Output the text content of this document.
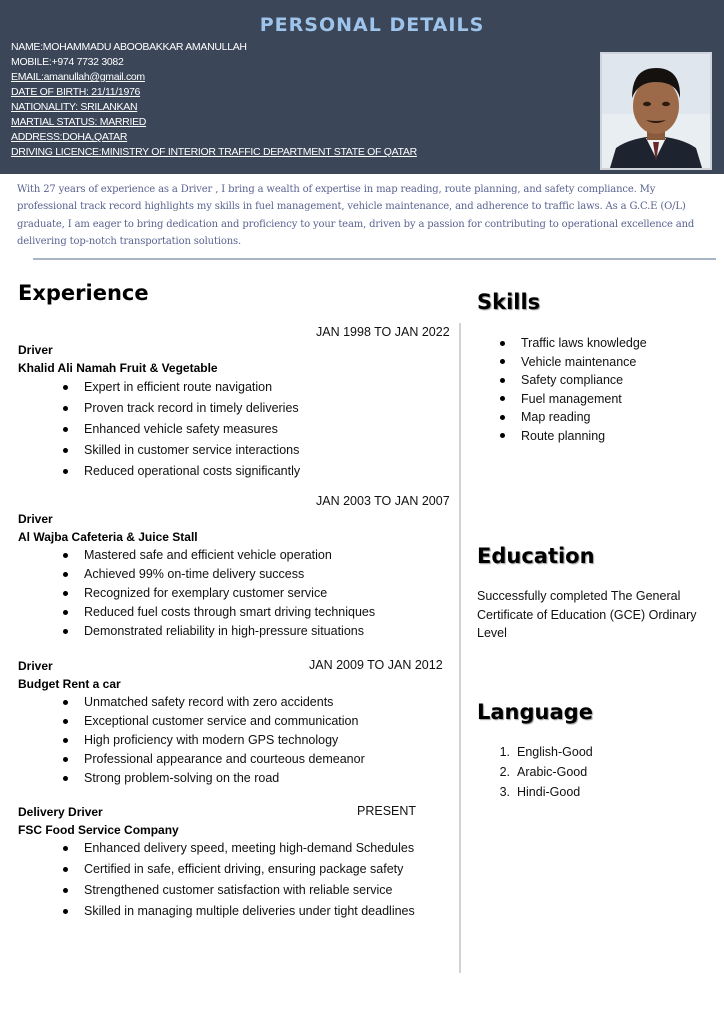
PERSONAL DETAILS
NAME:MOHAMMADU ABOOBAKKAR AMANULLAH
MOBILE:+974 7732 3082
EMAIL:amanullah@gmail.com
DATE OF BIRTH: 21/11/1976
NATIONALITY: SRILANKAN
MARTIAL STATUS: MARRIED
ADDRESS:DOHA,QATAR
DRIVING LICENCE:MINISTRY OF INTERIOR TRAFFIC DEPARTMENT STATE OF QATAR
With 27 years of experience as a Driver , I bring a wealth of expertise in map reading, route planning, and safety compliance. My professional track record highlights my skills in fuel management, vehicle maintenance, and adherence to traffic laws. As a G.C.E (O/L) graduate, I am eager to bring dedication and proficiency to your team, driven by a passion for contributing to operational excellence and delivering top-notch transportation solutions.
Experience
JAN 1998 TO JAN 2022
Driver
Khalid Ali Namah Fruit & Vegetable
Expert in efficient route navigation
Proven track record in timely deliveries
Enhanced vehicle safety measures
Skilled in customer service interactions
Reduced operational costs significantly
JAN 2003 TO JAN 2007
Driver
Al Wajba Cafeteria & Juice Stall
Mastered safe and efficient vehicle operation
Achieved 99% on-time delivery success
Recognized for exemplary customer service
Reduced fuel costs through smart driving techniques
Demonstrated reliability in high-pressure situations
Driver	JAN 2009 TO JAN 2012
Budget Rent a car
Unmatched safety record with zero accidents
Exceptional customer service and communication
High proficiency with modern GPS technology
Professional appearance and courteous demeanor
Strong problem-solving on the road
Delivery Driver	PRESENT
FSC Food Service Company
Enhanced delivery speed, meeting high-demand Schedules
Certified in safe, efficient driving, ensuring package safety
Strengthened customer satisfaction with reliable service
Skilled in managing multiple deliveries under tight deadlines
Skills
Traffic laws knowledge
Vehicle maintenance
Safety compliance
Fuel management
Map reading
Route planning
Education
Successfully completed The General Certificate of Education (GCE) Ordinary Level
Language
1. English-Good
2. Arabic-Good
3. Hindi-Good
